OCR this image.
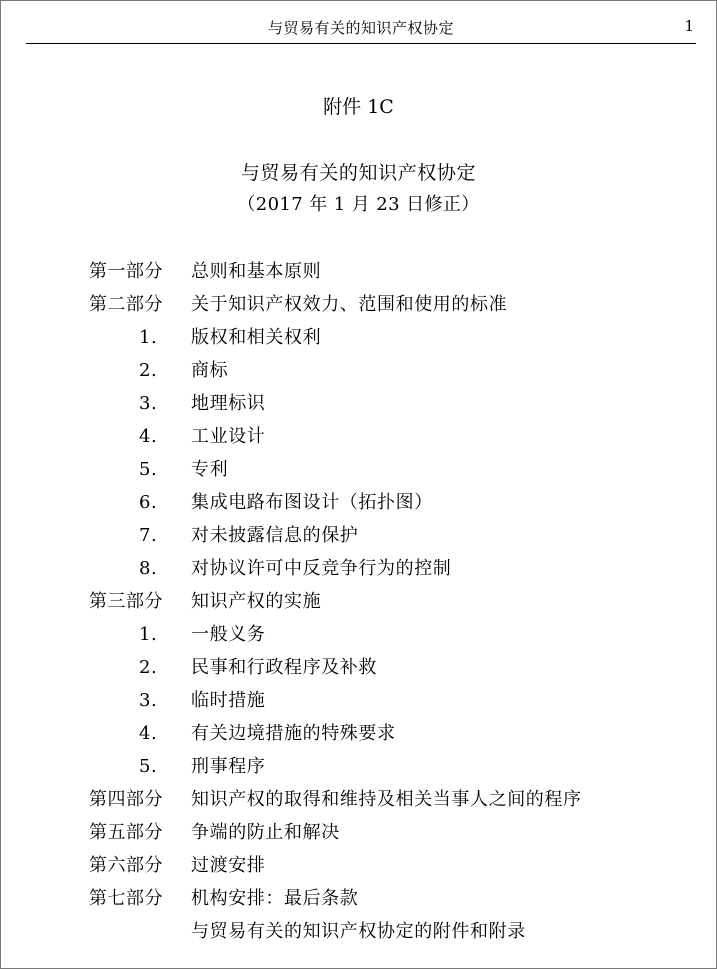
与贸易有关的知识产权协定	1
附件 1C
与贸易有关的知识产权协定
（2017 年 1 月 23 日修正）
第一部分 总则和基本原则
第二部分 关于知识产权效力、范围和使用的标准
1. 版权和相关权利
2. 商标
3. 地理标识
4. 工业设计
5. 专利
6. 集成电路布图设计（拓扑图）
7. 对未披露信息的保护
8. 对协议许可中反竞争行为的控制
第三部分 知识产权的实施
1. 一般义务
2. 民事和行政程序及补救
3. 临时措施
4. 有关边境措施的特殊要求
5. 刑事程序
第四部分 知识产权的取得和维持及相关当事人之间的程序
第五部分 争端的防止和解决
第六部分 过渡安排
第七部分 机构安排：最后条款
与贸易有关的知识产权协定的附件和附录
